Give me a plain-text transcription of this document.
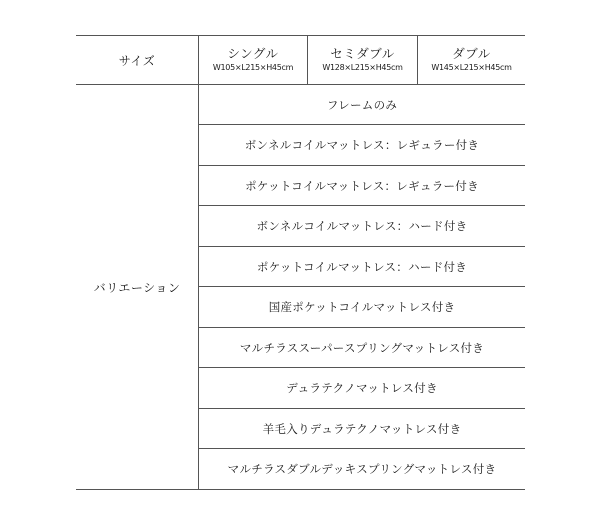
サイズ	シングル
W105×L215×H45cm
セミダブル
W128×L215×H45cm
ダブル
W145×L215×H45cm
バリエーション
フレームのみ
ボンネルコイルマットレス：レギュラー付き
ポケットコイルマットレス：レギュラー付き
ボンネルコイルマットレス：ハード付き
ポケットコイルマットレス：ハード付き
国産ポケットコイルマットレス付き
マルチラススーパースプリングマットレス付き
デュラテクノマットレス付き
羊毛入りデュラテクノマットレス付き
マルチラスダブルデッキスプリングマットレス付き
